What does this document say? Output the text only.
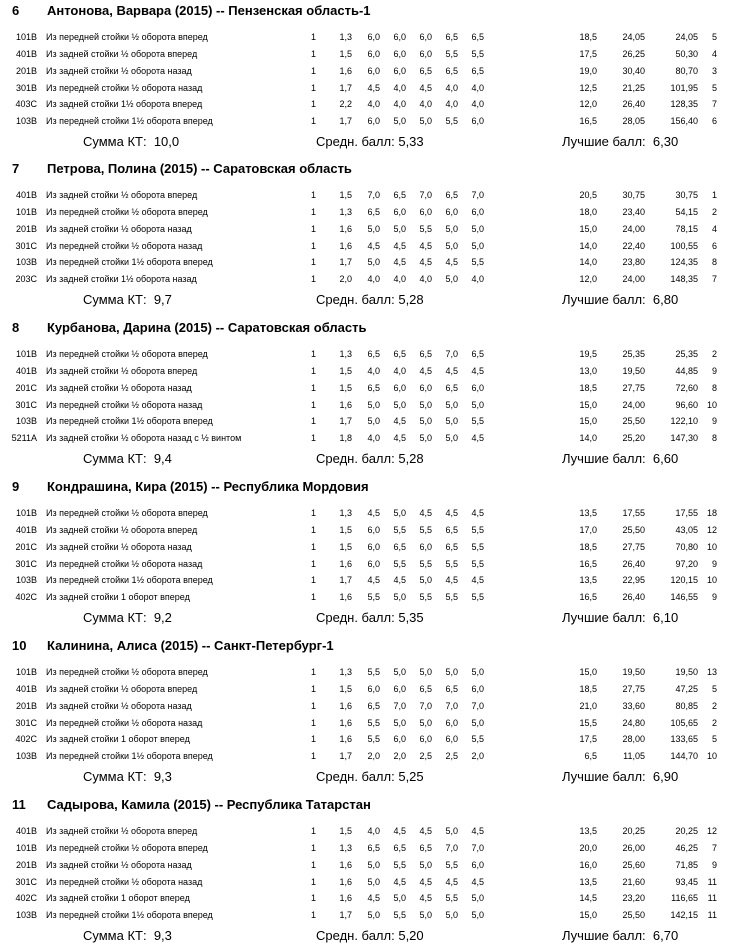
6 Антонова, Варвара (2015) -- Пензенская область-1
101B Из передней стойки ½ оборота вперед	1	1,3	6,0	6,0	6,0	6,5	6,5	18,5	24,05	24,05	5
401B Из задней стойки ½ оборота вперед	1	1,5	6,0	6,0	6,0	5,5	5,5	17,5	26,25	50,30	4
201B Из задней стойки ½ оборота назад	1	1,6	6,0	6,0	6,5	6,5	6,5	19,0	30,40	80,70	3
301B Из передней стойки ½ оборота назад	1	1,7	4,5	4,0	4,5	4,0	4,0	12,5	21,25	101,95	5
403C Из задней стойки 1½ оборота вперед	1	2,2	4,0	4,0	4,0	4,0	4,0	12,0	26,40	128,35	7
103B Из передней стойки 1½ оборота вперед	1	1,7	6,0	5,0	5,0	5,5	6,0	16,5	28,05	156,40	6
Сумма КТ: 10,0	Средн. балл: 5,33	Лучшие балл: 6,30
7 Петрова, Полина (2015) -- Саратовская область
401B Из задней стойки ½ оборота вперед	1	1,5	7,0	6,5	7,0	6,5	7,0	20,5	30,75	30,75	1
101B Из передней стойки ½ оборота вперед	1	1,3	6,5	6,0	6,0	6,0	6,0	18,0	23,40	54,15	2
201B Из задней стойки ½ оборота назад	1	1,6	5,0	5,0	5,5	5,0	5,0	15,0	24,00	78,15	4
301C Из передней стойки ½ оборота назад	1	1,6	4,5	4,5	4,5	5,0	5,0	14,0	22,40	100,55	6
103B Из передней стойки 1½ оборота вперед	1	1,7	5,0	4,5	4,5	4,5	5,5	14,0	23,80	124,35	8
203C Из задней стойки 1½ оборота назад	1	2,0	4,0	4,0	4,0	5,0	4,0	12,0	24,00	148,35	7
Сумма КТ: 9,7	Средн. балл: 5,28	Лучшие балл: 6,80
8 Курбанова, Дарина (2015) -- Саратовская область
101B Из передней стойки ½ оборота вперед	1	1,3	6,5	6,5	6,5	7,0	6,5	19,5	25,35	25,35	2
401B Из задней стойки ½ оборота вперед	1	1,5	4,0	4,0	4,5	4,5	4,5	13,0	19,50	44,85	9
201C Из задней стойки ½ оборота назад	1	1,5	6,5	6,0	6,0	6,5	6,0	18,5	27,75	72,60	8
301C Из передней стойки ½ оборота назад	1	1,6	5,0	5,0	5,0	5,0	5,0	15,0	24,00	96,60 10
103B Из передней стойки 1½ оборота вперед	1	1,7	5,0	4,5	5,0	5,0	5,5	15,0	25,50	122,10	9
5211A Из задней стойки ½ оборота назад с ½ винтом	1	1,8	4,0	4,5	5,0	5,0	4,5	14,0	25,20	147,30	8
Сумма КТ: 9,4	Средн. балл: 5,28	Лучшие балл: 6,60
9 Кондрашина, Кира (2015) -- Республика Мордовия
101B Из передней стойки ½ оборота вперед	1	1,3	4,5	5,0	4,5	4,5	4,5	13,5	17,55	17,55 18
401B Из задней стойки ½ оборота вперед	1	1,5	6,0	5,5	5,5	6,5	5,5	17,0	25,50	43,05 12
201C Из задней стойки ½ оборота назад	1	1,5	6,0	6,5	6,0	6,5	5,5	18,5	27,75	70,80 10
301C Из передней стойки ½ оборота назад	1	1,6	6,0	5,5	5,5	5,5	5,5	16,5	26,40	97,20	9
103B Из передней стойки 1½ оборота вперед	1	1,7	4,5	4,5	5,0	4,5	4,5	13,5	22,95	120,15 10
402C Из задней стойки 1 оборот вперед	1	1,6	5,5	5,0	5,5	5,5	5,5	16,5	26,40	146,55	9
Сумма КТ: 9,2	Средн. балл: 5,35	Лучшие балл: 6,10
10 Калинина, Алиса (2015) -- Санкт-Петербург-1
101B Из передней стойки ½ оборота вперед	1	1,3	5,5	5,0	5,0	5,0	5,0	15,0	19,50	19,50 13
401B Из задней стойки ½ оборота вперед	1	1,5	6,0	6,0	6,5	6,5	6,0	18,5	27,75	47,25	5
201B Из задней стойки ½ оборота назад	1	1,6	6,5	7,0	7,0	7,0	7,0	21,0	33,60	80,85	2
301C Из передней стойки ½ оборота назад	1	1,6	5,5	5,0	5,0	6,0	5,0	15,5	24,80	105,65	2
402C Из задней стойки 1 оборот вперед	1	1,6	5,5	6,0	6,0	6,0	5,5	17,5	28,00	133,65	5
103B Из передней стойки 1½ оборота вперед	1	1,7	2,0	2,0	2,5	2,5	2,0	6,5	11,05	144,70 10
Сумма КТ: 9,3	Средн. балл: 5,25	Лучшие балл: 6,90
11 Садырова, Камила (2015) -- Республика Татарстан
401B Из задней стойки ½ оборота вперед	1	1,5	4,0	4,5	4,5	5,0	4,5	13,5	20,25	20,25 12
101B Из передней стойки ½ оборота вперед	1	1,3	6,5	6,5	6,5	7,0	7,0	20,0	26,00	46,25	7
201B Из задней стойки ½ оборота назад	1	1,6	5,0	5,5	5,0	5,5	6,0	16,0	25,60	71,85	9
301C Из передней стойки ½ оборота назад	1	1,6	5,0	4,5	4,5	4,5	4,5	13,5	21,60	93,45	11
402C Из задней стойки 1 оборот вперед	1	1,6	4,5	5,0	4,5	5,5	5,0	14,5	23,20	116,65	11
103B Из передней стойки 1½ оборота вперед	1	1,7	5,0	5,5	5,0	5,0	5,0	15,0	25,50	142,15	11
Сумма КТ: 9,3	Средн. балл: 5,20	Лучшие балл: 6,70
